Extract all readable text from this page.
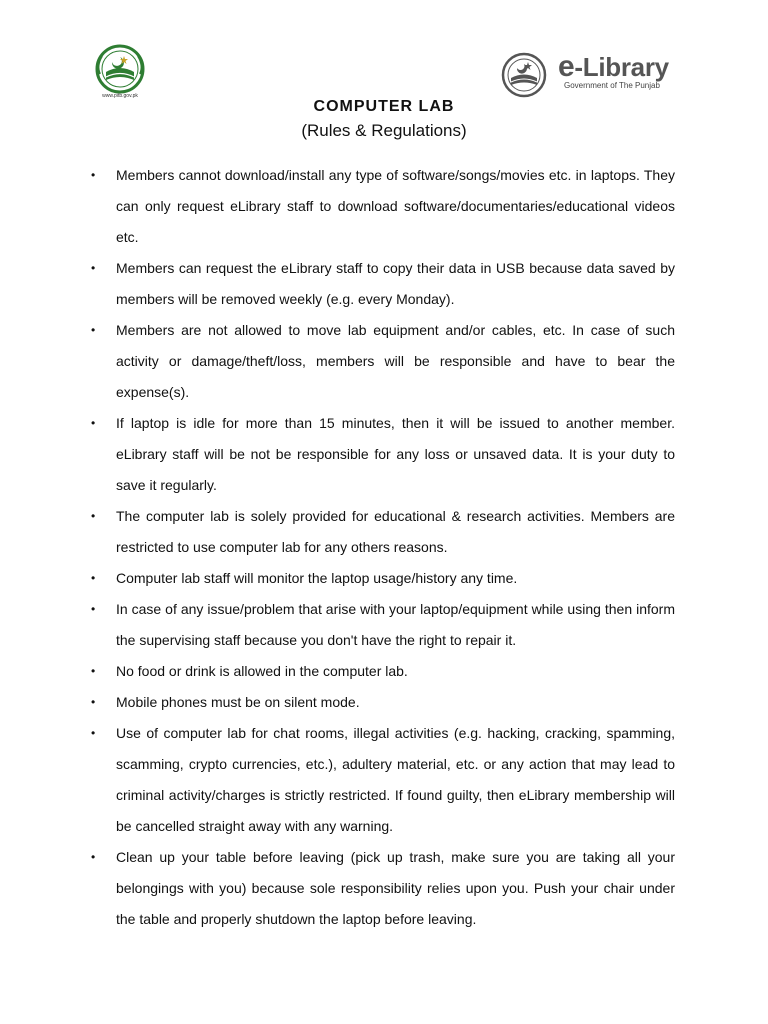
www.pitb.gov.pk
e-Library
Government of The Punjab
COMPUTER LAB
(Rules & Regulations)
• Members cannot download/install any type of software/songs/movies etc. in laptops. They can only request eLibrary staff to download software/documentaries/educational videos etc.
• Members can request the eLibrary staff to copy their data in USB because data saved by members will be removed weekly (e.g. every Monday).
• Members are not allowed to move lab equipment and/or cables, etc. In case of such activity or damage/theft/loss, members will be responsible and have to bear the expense(s).
• If laptop is idle for more than 15 minutes, then it will be issued to another member. eLibrary staff will be not be responsible for any loss or unsaved data. It is your duty to save it regularly.
• The computer lab is solely provided for educational & research activities. Members are restricted to use computer lab for any others reasons.
• Computer lab staff will monitor the laptop usage/history any time.
• In case of any issue/problem that arise with your laptop/equipment while using then inform the supervising staff because you don't have the right to repair it.
• No food or drink is allowed in the computer lab.
• Mobile phones must be on silent mode.
• Use of computer lab for chat rooms, illegal activities (e.g. hacking, cracking, spamming, scamming, crypto currencies, etc.), adultery material, etc. or any action that may lead to criminal activity/charges is strictly restricted. If found guilty, then eLibrary membership will be cancelled straight away with any warning.
• Clean up your table before leaving (pick up trash, make sure you are taking all your belongings with you) because sole responsibility relies upon you. Push your chair under the table and properly shutdown the laptop before leaving.
